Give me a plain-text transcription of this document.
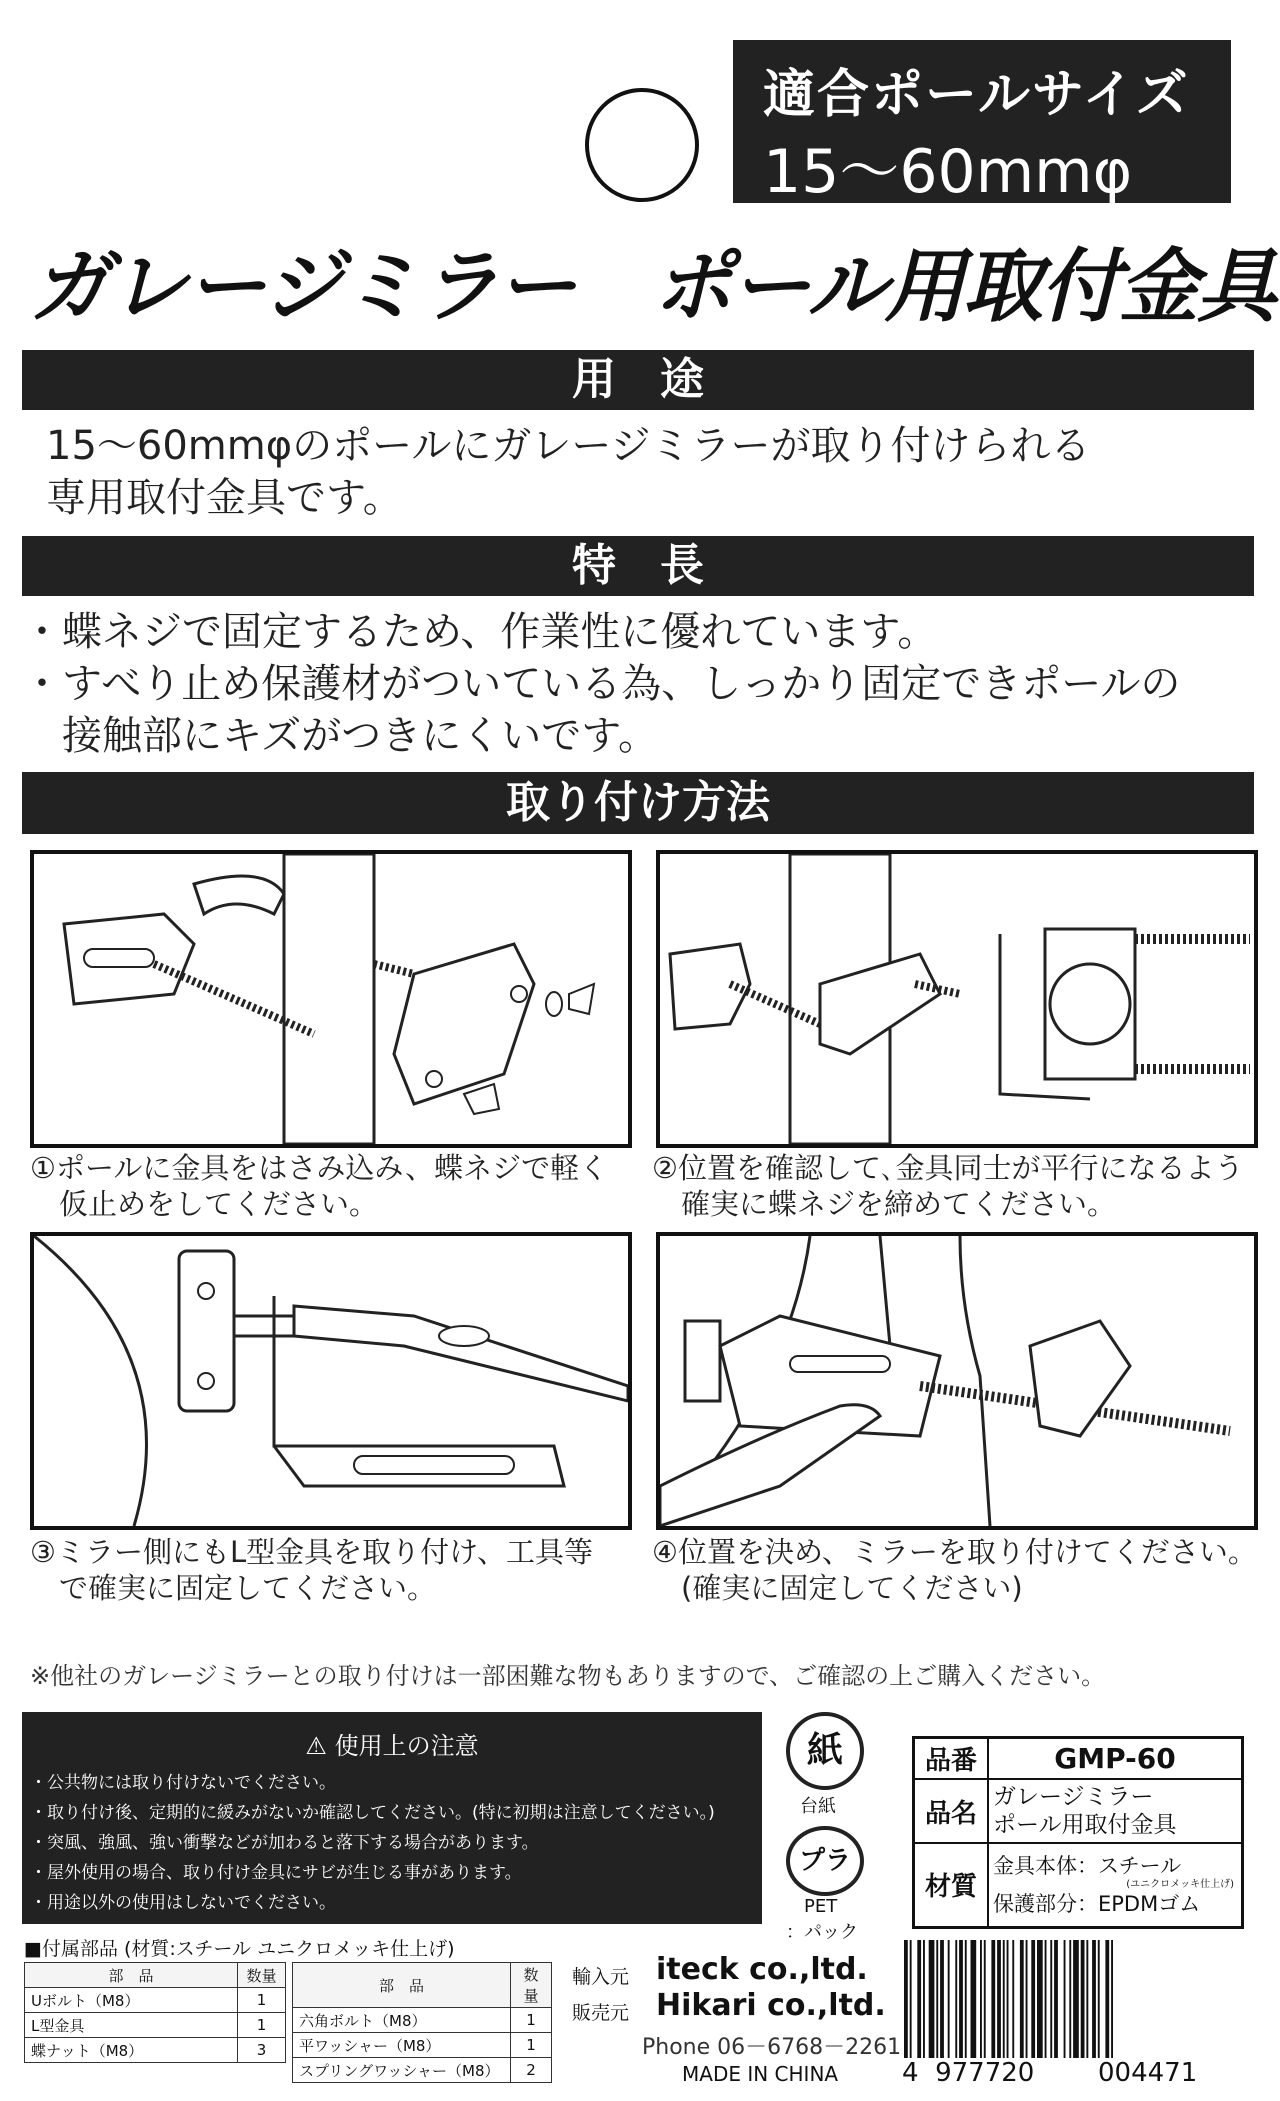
適合ポールサイズ
15〜60mmφ
ガレージミラー　ポール用取付金具
用　途
15〜60mmφのポールにガレージミラーが取り付けられる
専用取付金具です。
特　長
・蝶ネジで固定するため、作業性に優れています。
・すべり止め保護材がついている為、しっかり固定できポールの
　接触部にキズがつきにくいです。
取り付け方法
①ポールに金具をはさみ込み、蝶ネジで軽く
　仮止めをしてください。
②位置を確認して､金具同士が平行になるよう
　確実に蝶ネジを締めてください。
③ミラー側にもL型金具を取り付け、工具等
　で確実に固定してください。
④位置を決め、ミラーを取り付けてください。
　(確実に固定してください)
※他社のガレージミラーとの取り付けは一部困難な物もありますので、ご確認の上ご購入ください。
⚠ 使用上の注意
・公共物には取り付けないでください。
・取り付け後、定期的に緩みがないか確認してください。(特に初期は注意してください。)
・突風、強風、強い衝撃などが加わると落下する場合があります。
・屋外使用の場合、取り付け金具にサビが生じる事があります。
・用途以外の使用はしないでください。
紙
台紙
プラ
PET
：パック
品番	GMP-60
品名	ガレージミラー
ポール用取付金具

材質	金具本体：スチール
(ユニクロメッキ仕上げ)
保護部分：EPDMゴム
■付属部品 (材質:スチール ユニクロメッキ仕上げ)
部　品	数量
Uボルト（M8）	1
L型金具	1
蝶ナット（M8）	3
部　品	数量
六角ボルト（M8）	1
平ワッシャー（M8）	1
スプリングワッシャー（M8）	2
輸入元 iteck co.,ltd.
販売元 Hikari co.,ltd.
Phone 06－6768－2261
MADE IN CHINA 4  977720 004471
